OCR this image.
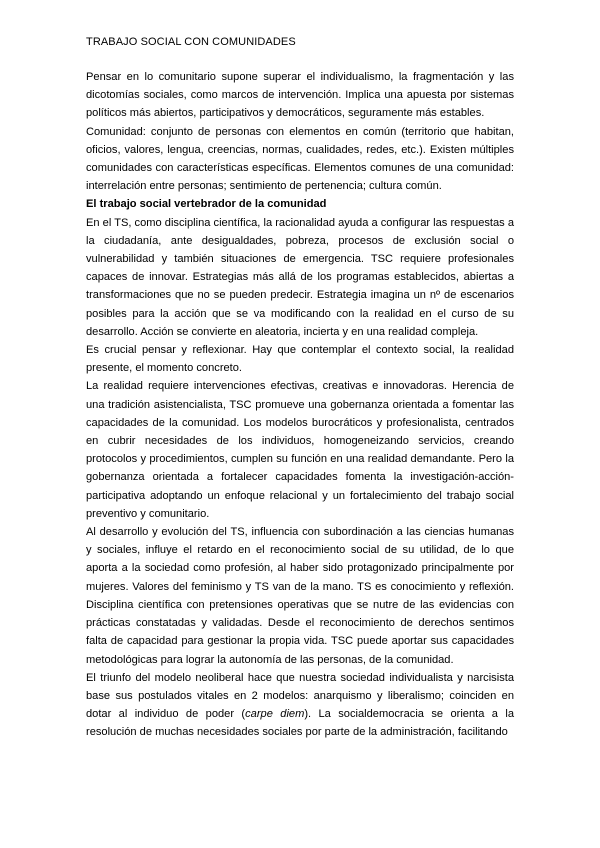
TRABAJO SOCIAL CON COMUNIDADES

Pensar en lo comunitario supone superar el individualismo, la fragmentación y las dicotomías sociales, como marcos de intervención. Implica una apuesta por sistemas políticos más abiertos, participativos y democráticos, seguramente más estables.

Comunidad: conjunto de personas con elementos en común (territorio que habitan, oficios, valores, lengua, creencias, normas, cualidades, redes, etc.). Existen múltiples comunidades con características específicas. Elementos comunes de una comunidad: interrelación entre personas; sentimiento de pertenencia; cultura común.

El trabajo social vertebrador de la comunidad

En el TS, como disciplina científica, la racionalidad ayuda a configurar las respuestas a la ciudadanía, ante desigualdades, pobreza, procesos de exclusión social o vulnerabilidad y también situaciones de emergencia. TSC requiere profesionales capaces de innovar. Estrategias más allá de los programas establecidos, abiertas a transformaciones que no se pueden predecir. Estrategia imagina un nº de escenarios posibles para la acción que se va modificando con la realidad en el curso de su desarrollo. Acción se convierte en aleatoria, incierta y en una realidad compleja.

Es crucial pensar y reflexionar. Hay que contemplar el contexto social, la realidad presente, el momento concreto.

La realidad requiere intervenciones efectivas, creativas e innovadoras. Herencia de una tradición asistencialista, TSC promueve una gobernanza orientada a fomentar las capacidades de la comunidad. Los modelos burocráticos y profesionalista, centrados en cubrir necesidades de los individuos, homogeneizando servicios, creando protocolos y procedimientos, cumplen su función en una realidad demandante. Pero la gobernanza orientada a fortalecer capacidades fomenta la investigación-acción-participativa adoptando un enfoque relacional y un fortalecimiento del trabajo social preventivo y comunitario.

Al desarrollo y evolución del TS, influencia con subordinación a las ciencias humanas y sociales, influye el retardo en el reconocimiento social de su utilidad, de lo que aporta a la sociedad como profesión, al haber sido protagonizado principalmente por mujeres. Valores del feminismo y TS van de la mano. TS es conocimiento y reflexión. Disciplina científica con pretensiones operativas que se nutre de las evidencias con prácticas constatadas y validadas. Desde el reconocimiento de derechos sentimos falta de capacidad para gestionar la propia vida. TSC puede aportar sus capacidades metodológicas para lograr la autonomía de las personas, de la comunidad.

El triunfo del modelo neoliberal hace que nuestra sociedad individualista y narcisista base sus postulados vitales en 2 modelos: anarquismo y liberalismo; coinciden en dotar al individuo de poder (carpe diem). La socialdemocracia se orienta a la resolución de muchas necesidades sociales por parte de la administración, facilitando
